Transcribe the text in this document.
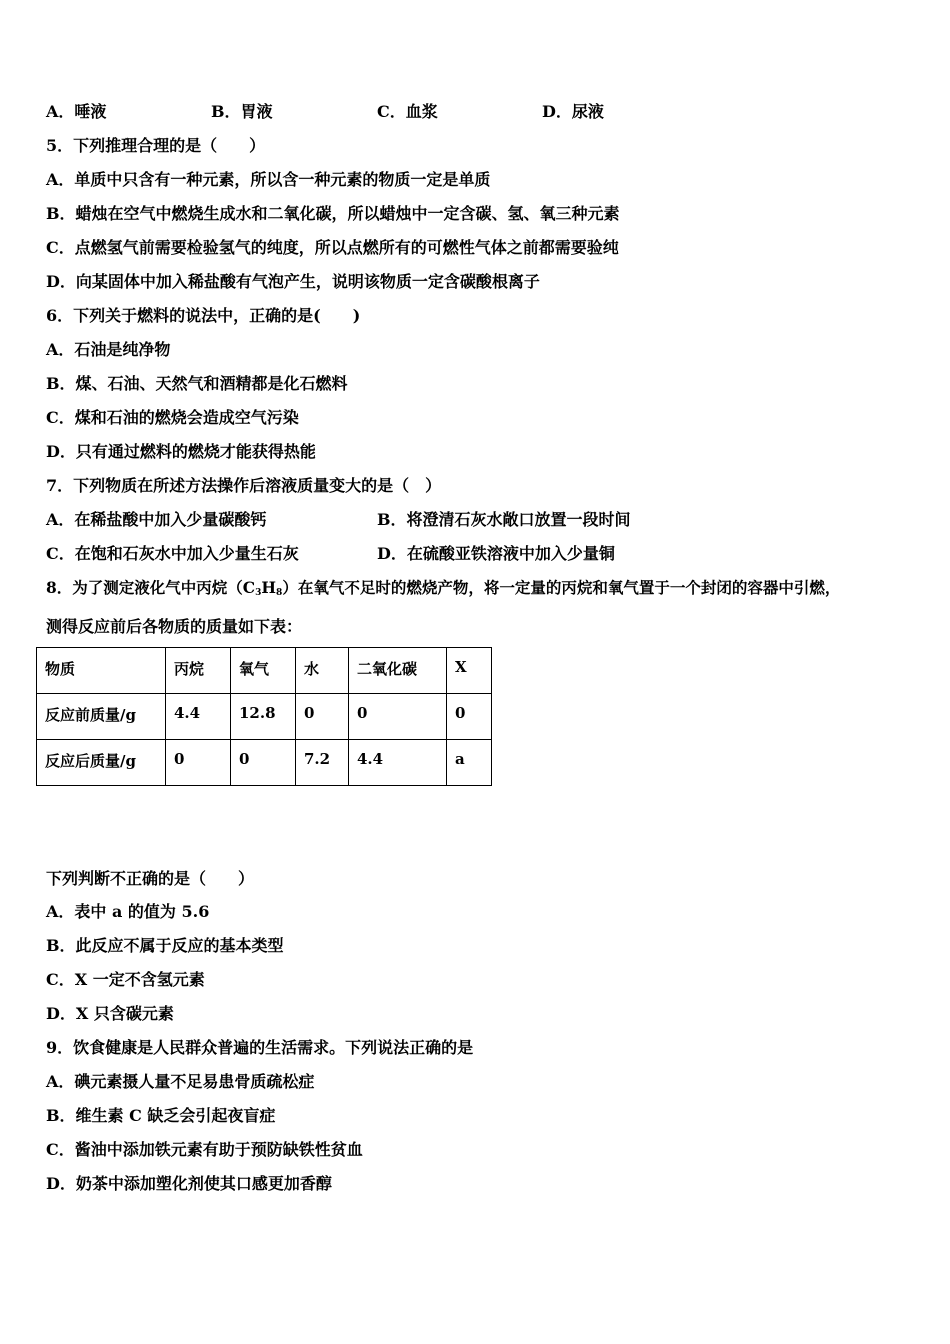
A．唾液	B．胃液	C．血浆	D．尿液
5．下列推理合理的是（　　）
A．单质中只含有一种元素，所以含一种元素的物质一定是单质
B．蜡烛在空气中燃烧生成水和二氧化碳，所以蜡烛中一定含碳、氢、氧三种元素
C．点燃氢气前需要检验氢气的纯度，所以点燃所有的可燃性气体之前都需要验纯
D．向某固体中加入稀盐酸有气泡产生，说明该物质一定含碳酸根离子
6．下列关于燃料的说法中，正确的是(　　)
A．石油是纯净物
B．煤、石油、天然气和酒精都是化石燃料
C．煤和石油的燃烧会造成空气污染
D．只有通过燃料的燃烧才能获得热能
7．下列物质在所述方法操作后溶液质量变大的是（　）
A．在稀盐酸中加入少量碳酸钙	B．将澄清石灰水敞口放置一段时间
C．在饱和石灰水中加入少量生石灰	D．在硫酸亚铁溶液中加入少量铜
8．为了测定液化气中丙烷$(C_3H_8)$在氧气不足时的燃烧产物，将一定量的丙烷和氧气置于一个封闭的容器中引燃，
测得反应前后各物质的质量如下表：
物质	丙烷	氧气	水	二氧化碳	X
反应前质量/g	4.4	12.8	0	0	0
反应后质量/g	0	0	7.2	4.4	a
下列判断不正确的是（　　）
A．表中 a 的值为 5.6
B．此反应不属于反应的基本类型
C．X 一定不含氢元素
D．X 只含碳元素
9．饮食健康是人民群众普遍的生活需求。下列说法正确的是
A．碘元素摄人量不足易患骨质疏松症
B．维生素 C 缺乏会引起夜盲症
C．酱油中添加铁元素有助于预防缺铁性贫血
D．奶茶中添加塑化剂使其口感更加香醇
